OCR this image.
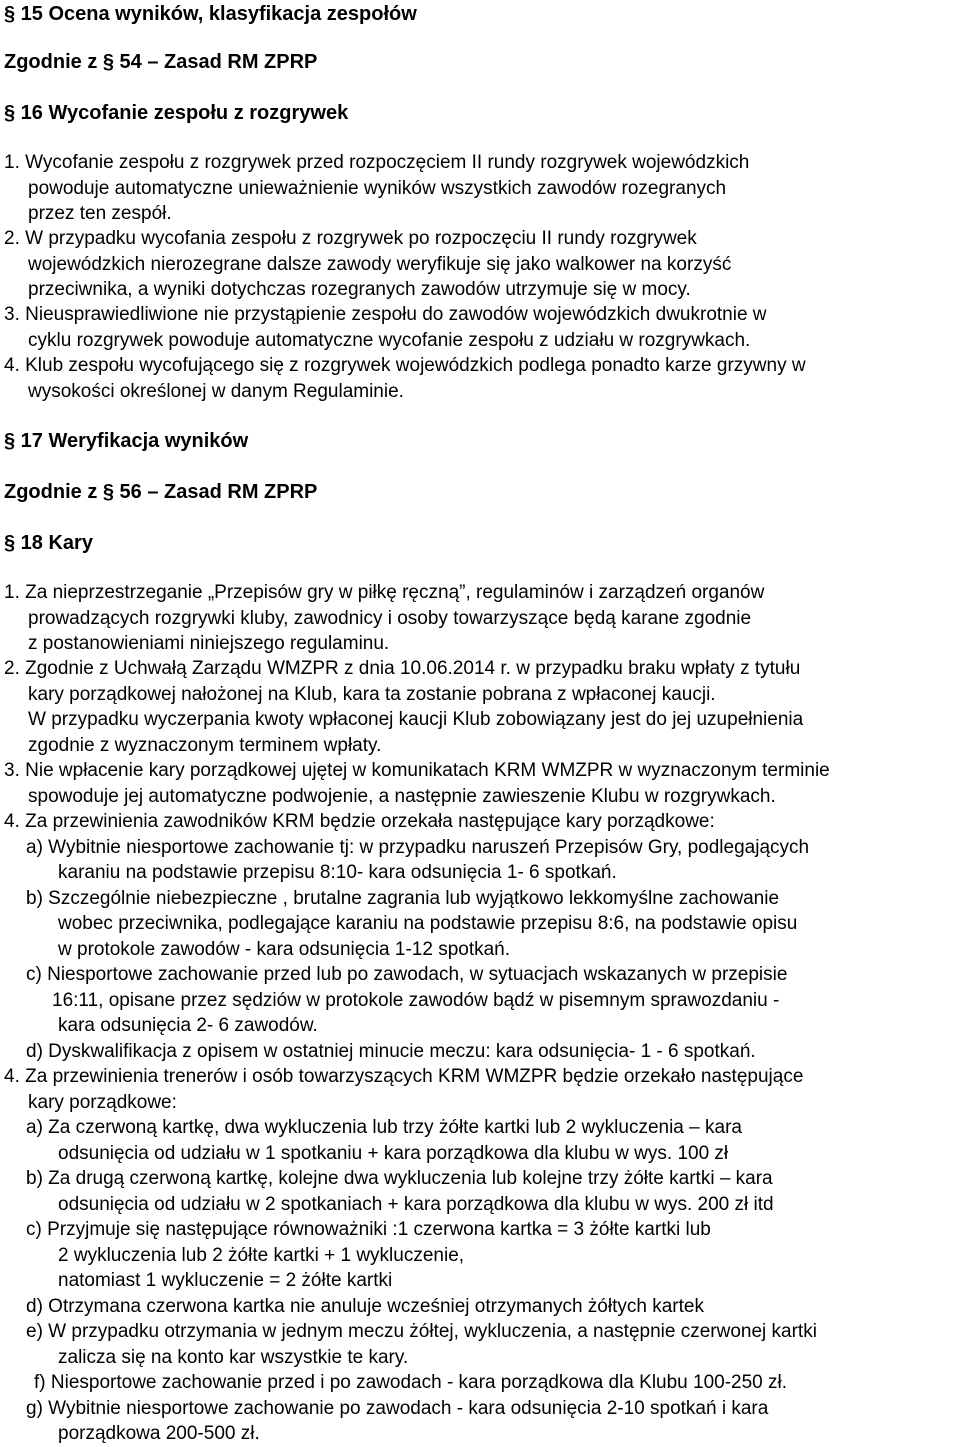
§ 15 Ocena wyników, klasyfikacja zespołów
Zgodnie z § 54 – Zasad RM ZPRP
§ 16 Wycofanie zespołu z rozgrywek
1. Wycofanie zespołu z rozgrywek przed rozpoczęciem II rundy rozgrywek wojewódzkich
powoduje automatyczne unieważnienie wyników wszystkich zawodów rozegranych
przez ten zespół.
2. W przypadku wycofania zespołu z rozgrywek po rozpoczęciu II rundy rozgrywek
wojewódzkich nierozegrane dalsze zawody weryfikuje się jako walkower na korzyść
przeciwnika, a wyniki dotychczas rozegranych zawodów utrzymuje się w mocy.
3. Nieusprawiedliwione nie przystąpienie zespołu do zawodów wojewódzkich dwukrotnie w
cyklu rozgrywek powoduje automatyczne wycofanie zespołu z udziału w rozgrywkach.
4. Klub zespołu wycofującego się z rozgrywek wojewódzkich podlega ponadto karze grzywny w
wysokości określonej w danym Regulaminie.
§ 17 Weryfikacja wyników
Zgodnie z § 56 – Zasad RM ZPRP
§ 18 Kary
1. Za nieprzestrzeganie „Przepisów gry w piłkę ręczną”, regulaminów i zarządzeń organów
prowadzących rozgrywki kluby, zawodnicy i osoby towarzyszące będą karane zgodnie
z postanowieniami niniejszego regulaminu.
2. Zgodnie z Uchwałą Zarządu WMZPR z dnia 10.06.2014 r. w przypadku braku wpłaty z tytułu
kary porządkowej nałożonej na Klub, kara ta zostanie pobrana z wpłaconej kaucji.
W przypadku wyczerpania kwoty wpłaconej kaucji Klub zobowiązany jest do jej uzupełnienia
zgodnie z wyznaczonym terminem wpłaty.
3. Nie wpłacenie kary porządkowej ujętej w komunikatach KRM WMZPR w wyznaczonym terminie
spowoduje jej automatyczne podwojenie, a następnie zawieszenie Klubu w rozgrywkach.
4. Za przewinienia zawodników KRM będzie orzekała następujące kary porządkowe:
a) Wybitnie niesportowe zachowanie tj: w przypadku naruszeń Przepisów Gry, podlegających
karaniu na podstawie przepisu 8:10- kara odsunięcia 1- 6 spotkań.
b) Szczególnie niebezpieczne , brutalne zagrania lub wyjątkowo lekkomyślne zachowanie
wobec przeciwnika, podlegające karaniu na podstawie przepisu 8:6, na podstawie opisu
w protokole zawodów - kara odsunięcia 1-12 spotkań.
c) Niesportowe zachowanie przed lub po zawodach, w sytuacjach wskazanych w przepisie
16:11, opisane przez sędziów w protokole zawodów bądź w pisemnym sprawozdaniu -
kara odsunięcia 2- 6 zawodów.
d) Dyskwalifikacja z opisem w ostatniej minucie meczu: kara odsunięcia- 1 - 6 spotkań.
4. Za przewinienia trenerów i osób towarzyszących KRM WMZPR będzie orzekało następujące
kary porządkowe:
a) Za czerwoną kartkę, dwa wykluczenia lub trzy żółte kartki lub 2 wykluczenia – kara
odsunięcia od udziału w 1 spotkaniu + kara porządkowa dla klubu w wys. 100 zł
b) Za drugą czerwoną kartkę, kolejne dwa wykluczenia lub kolejne trzy żółte kartki – kara
odsunięcia od udziału w 2 spotkaniach + kara porządkowa dla klubu w wys. 200 zł itd
c) Przyjmuje się następujące równoważniki :1 czerwona kartka = 3 żółte kartki lub
2 wykluczenia lub 2 żółte kartki + 1 wykluczenie,
natomiast 1 wykluczenie = 2 żółte kartki
d) Otrzymana czerwona kartka nie anuluje wcześniej otrzymanych żółtych kartek
e) W przypadku otrzymania w jednym meczu żółtej, wykluczenia, a następnie czerwonej kartki
zalicza się na konto kar wszystkie te kary.
f) Niesportowe zachowanie przed i po zawodach - kara porządkowa dla Klubu 100-250 zł.
g) Wybitnie niesportowe zachowanie po zawodach - kara odsunięcia 2-10 spotkań i kara
porządkowa 200-500 zł.
